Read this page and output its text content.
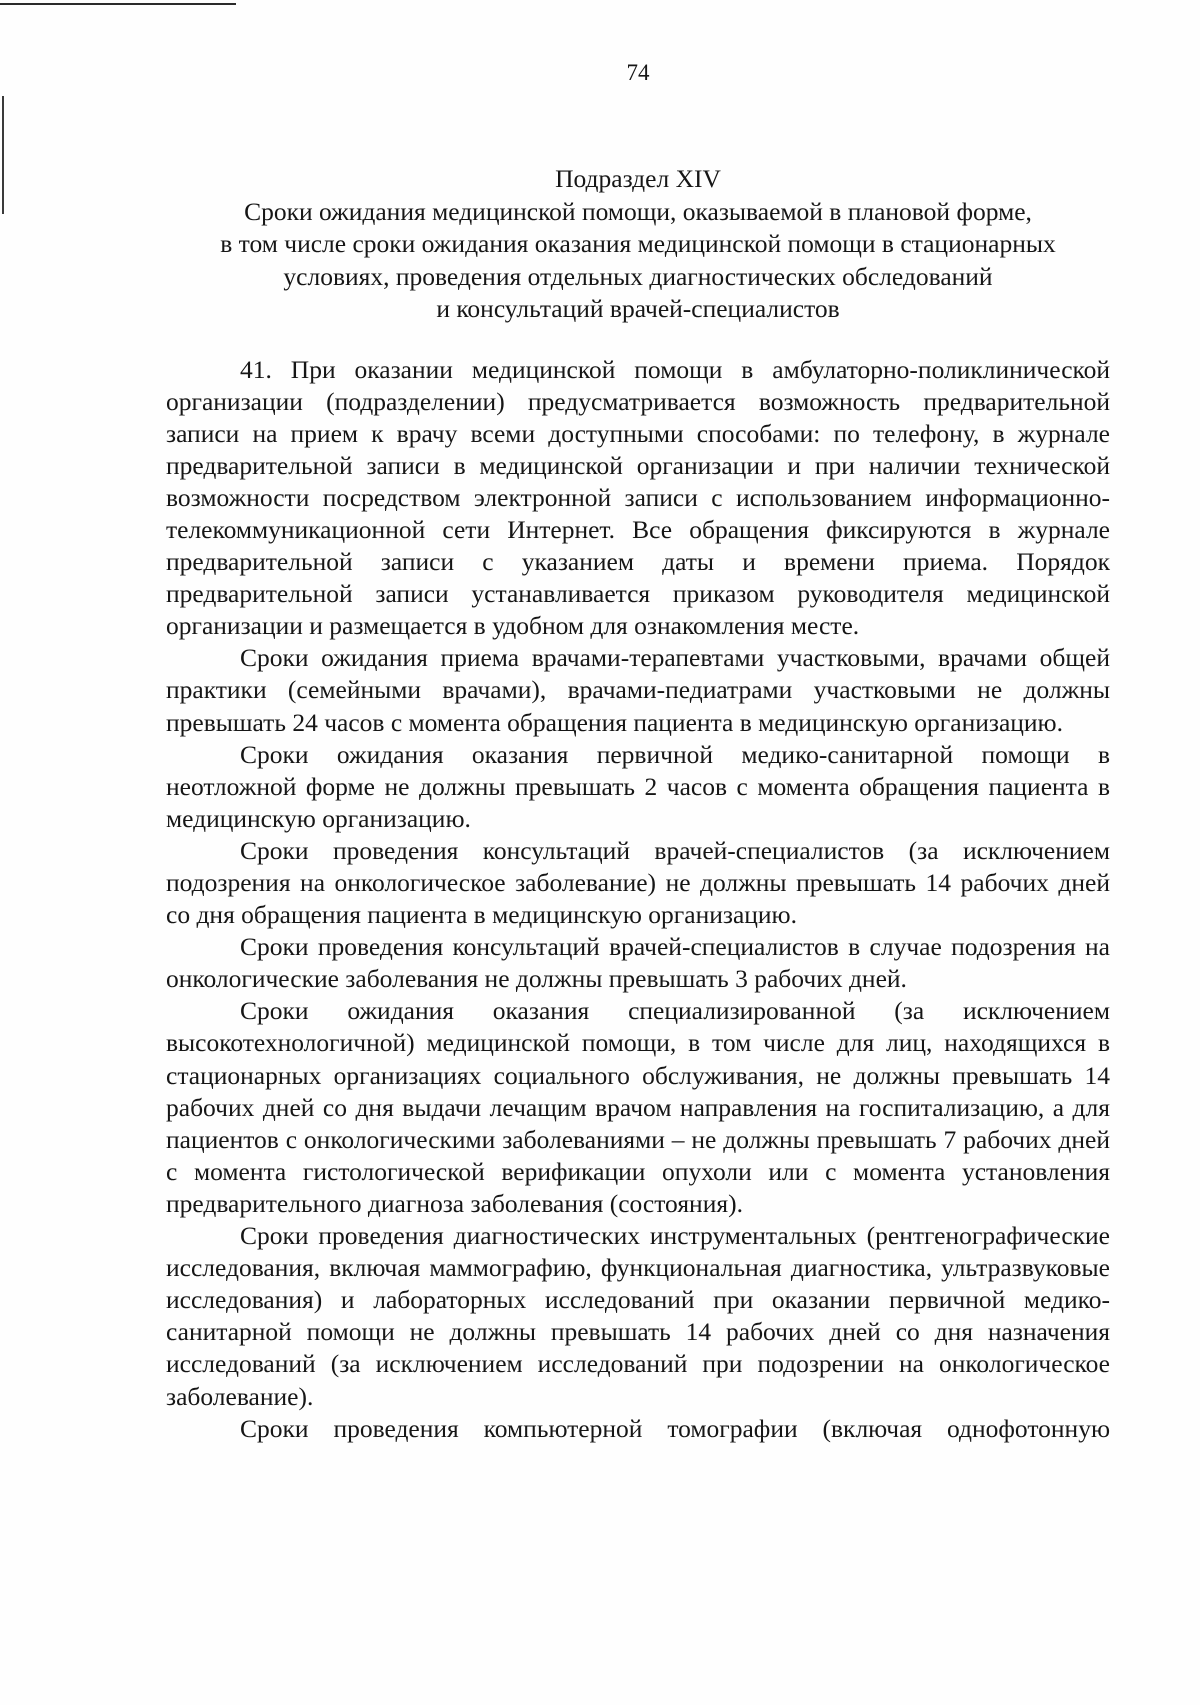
74
Подраздел XIV
Сроки ожидания медицинской помощи, оказываемой в плановой форме,
в том числе сроки ожидания оказания медицинской помощи в стационарных
условиях, проведения отдельных диагностических обследований
и консультаций врачей-специалистов

41. При оказании медицинской помощи в амбулаторно-поликлинической организации (подразделении) предусматривается возможность предварительной записи на прием к врачу всеми доступными способами: по телефону, в журнале предварительной записи в медицинской организации и при наличии технической возможности посредством электронной записи с использованием информационно-телекоммуникационной сети Интернет. Все обращения фиксируются в журнале предварительной записи с указанием даты и времени приема. Порядок предварительной записи устанавливается приказом руководителя медицинской организации и размещается в удобном для ознакомления месте.

Сроки ожидания приема врачами-терапевтами участковыми, врачами общей практики (семейными врачами), врачами-педиатрами участковыми не должны превышать 24 часов с момента обращения пациента в медицинскую организацию.

Сроки ожидания оказания первичной медико-санитарной помощи в неотложной форме не должны превышать 2 часов с момента обращения пациента в медицинскую организацию.

Сроки проведения консультаций врачей-специалистов (за исключением подозрения на онкологическое заболевание) не должны превышать 14 рабочих дней со дня обращения пациента в медицинскую организацию.

Сроки проведения консультаций врачей-специалистов в случае подозрения на онкологические заболевания не должны превышать 3 рабочих дней.

Сроки ожидания оказания специализированной (за исключением высокотехнологичной) медицинской помощи, в том числе для лиц, находящихся в стационарных организациях социального обслуживания, не должны превышать 14 рабочих дней со дня выдачи лечащим врачом направления на госпитализацию, а для пациентов с онкологическими заболеваниями – не должны превышать 7 рабочих дней с момента гистологической верификации опухоли или с момента установления предварительного диагноза заболевания (состояния).

Сроки проведения диагностических инструментальных (рентгенографические исследования, включая маммографию, функциональная диагностика, ультразвуковые исследования) и лабораторных исследований при оказании первичной медико-санитарной помощи не должны превышать 14 рабочих дней со дня назначения исследований (за исключением исследований при подозрении на онкологическое заболевание).

Сроки проведения компьютерной томографии (включая однофотонную
